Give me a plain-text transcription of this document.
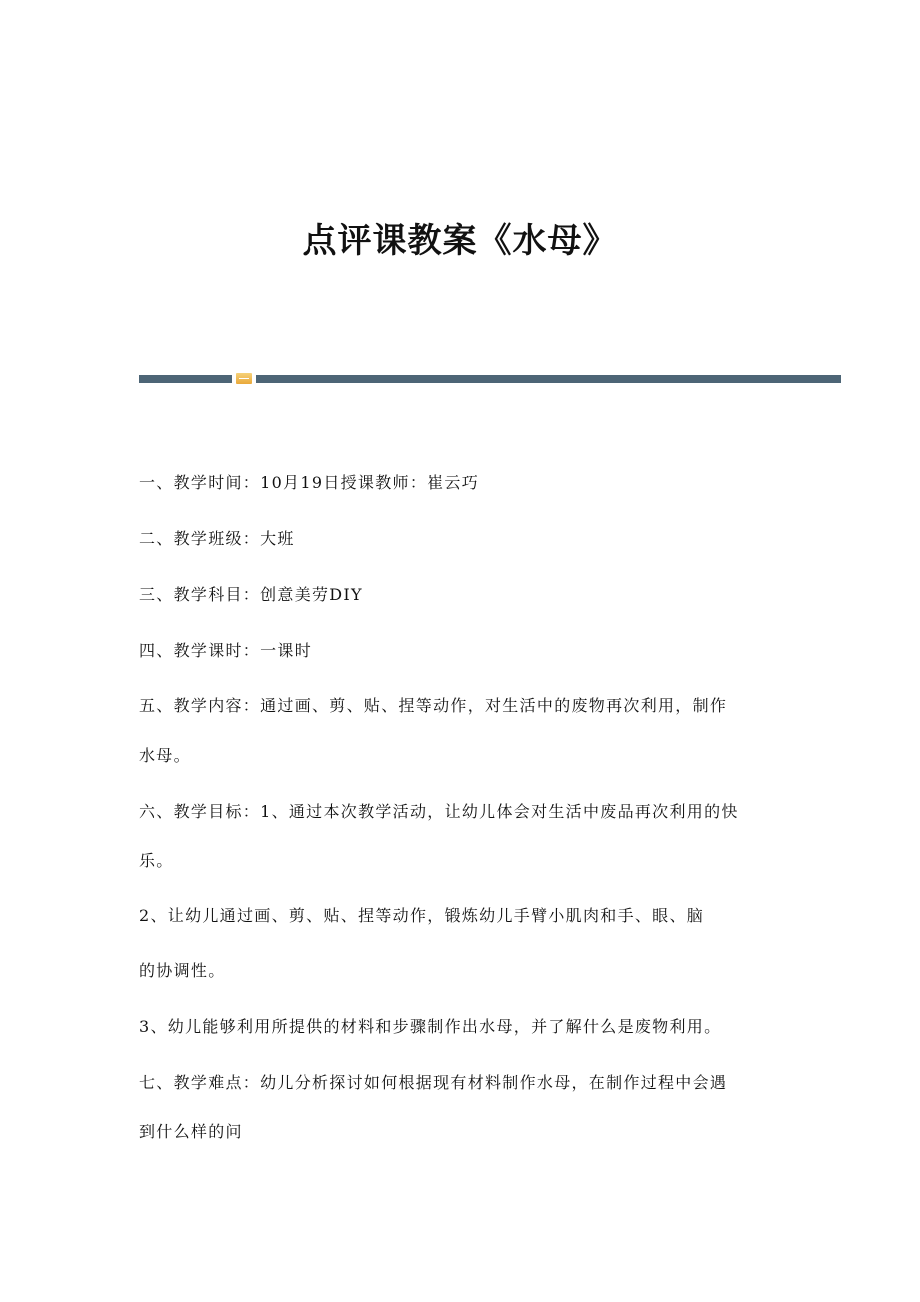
点评课教案《水母》
一、教学时间：10月19日授课教师：崔云巧
二、教学班级：大班
三、教学科目：创意美劳DIY
四、教学课时：一课时
五、教学内容：通过画、剪、贴、捏等动作，对生活中的废物再次利用，制作
水母。
六、教学目标：1、通过本次教学活动，让幼儿体会对生活中废品再次利用的快
乐。
2、让幼儿通过画、剪、贴、捏等动作，锻炼幼儿手臂小肌肉和手、眼、脑
的协调性。
3、幼儿能够利用所提供的材料和步骤制作出水母，并了解什么是废物利用。
七、教学难点：幼儿分析探讨如何根据现有材料制作水母，在制作过程中会遇
到什么样的问
